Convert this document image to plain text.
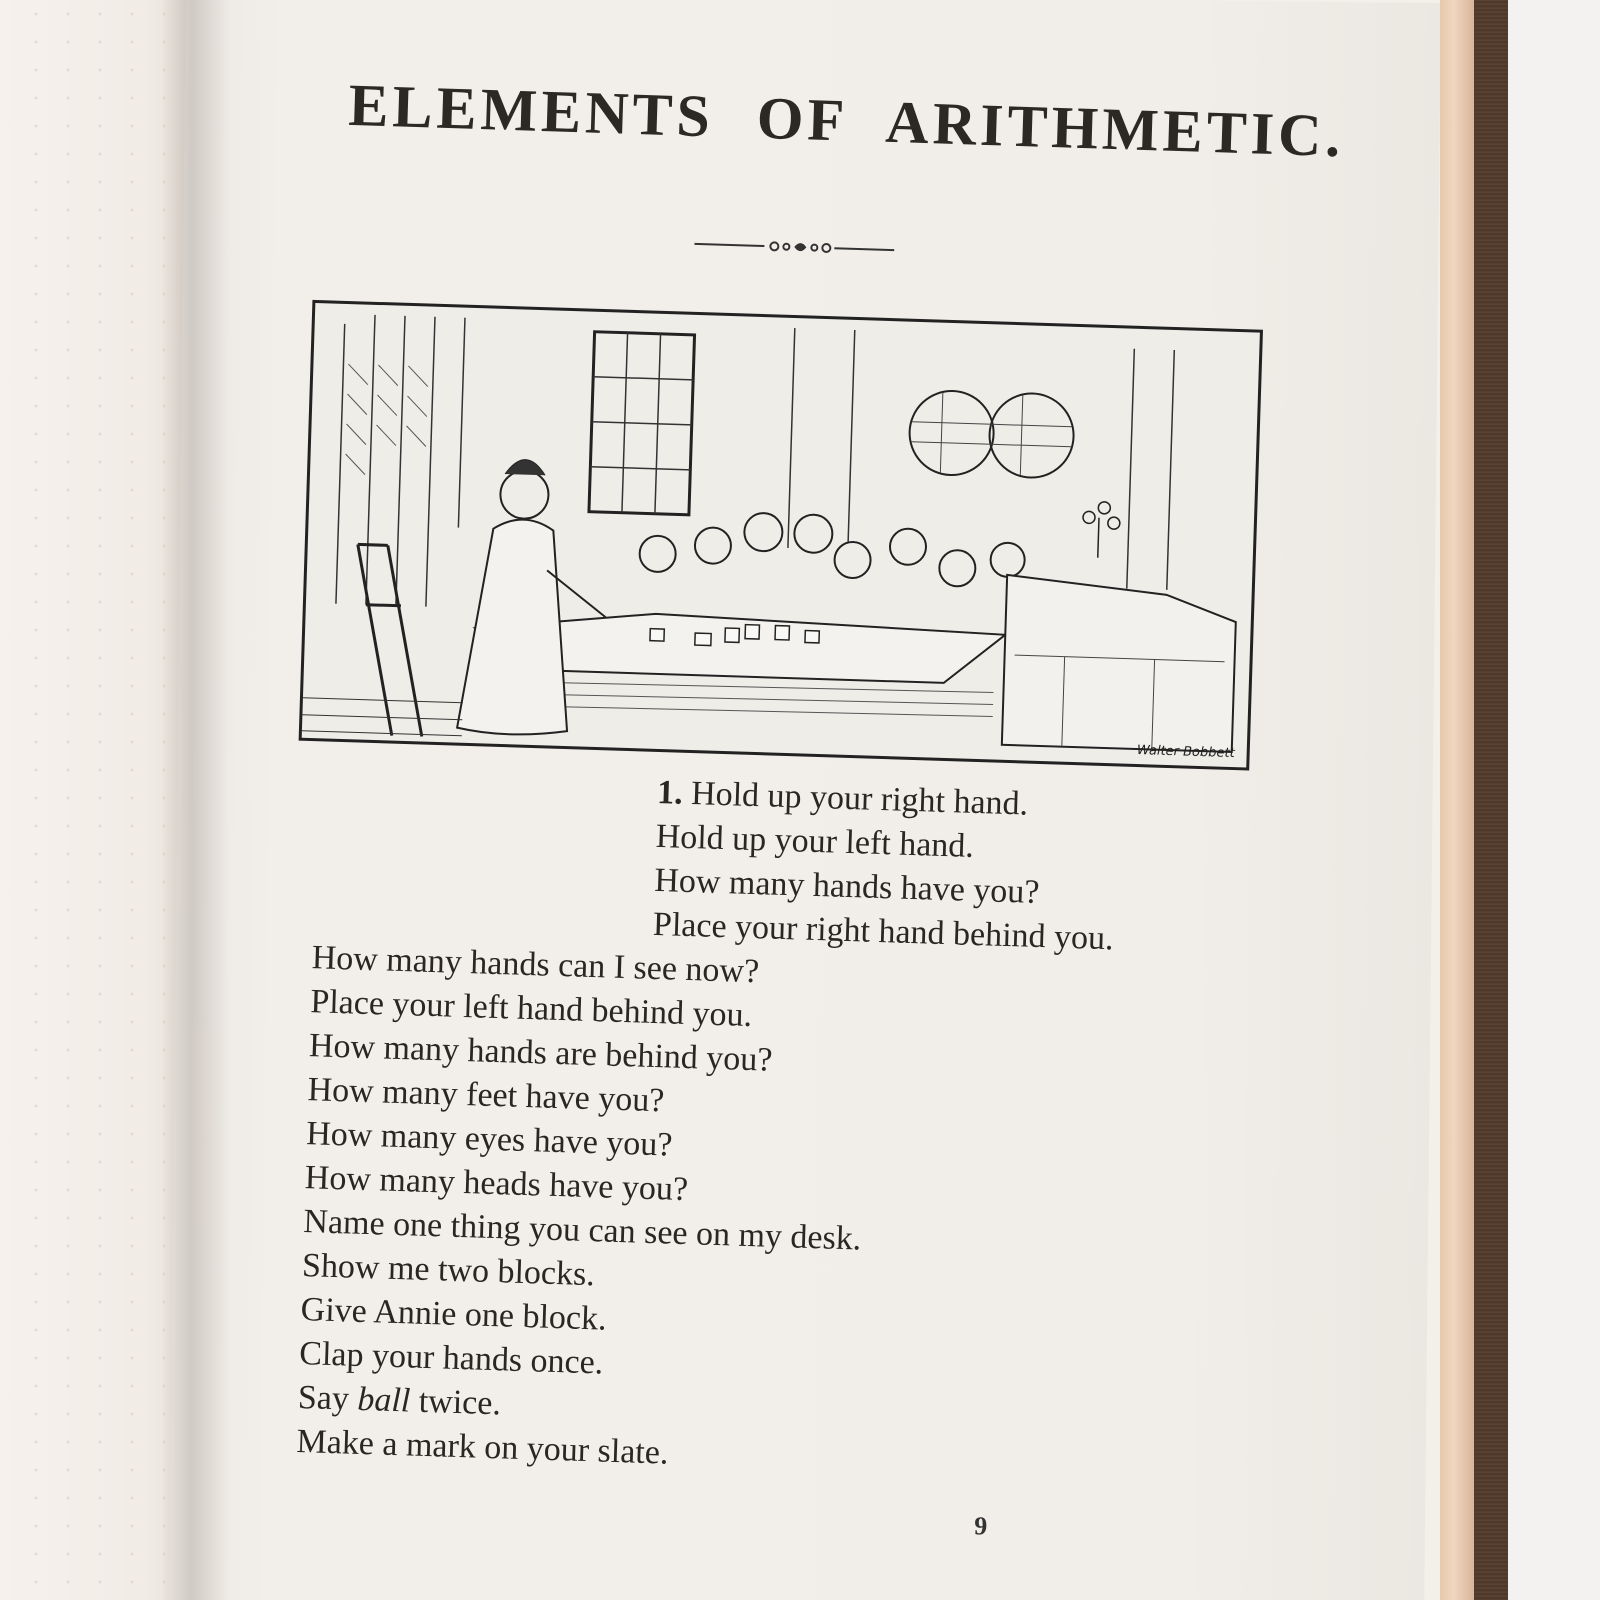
ELEMENTS OF ARITHMETIC.
Walter Bobbett
1. Hold up your right hand.
Hold up your left hand.
How many hands have you?
Place your right hand behind you.
How many hands can I see now?
Place your left hand behind you.
How many hands are behind you?
How many feet have you?
How many eyes have you?
How many heads have you?
Name one thing you can see on my desk.
Show me two blocks.
Give Annie one block.
Clap your hands once.
Say ball twice.
Make a mark on your slate.
9
